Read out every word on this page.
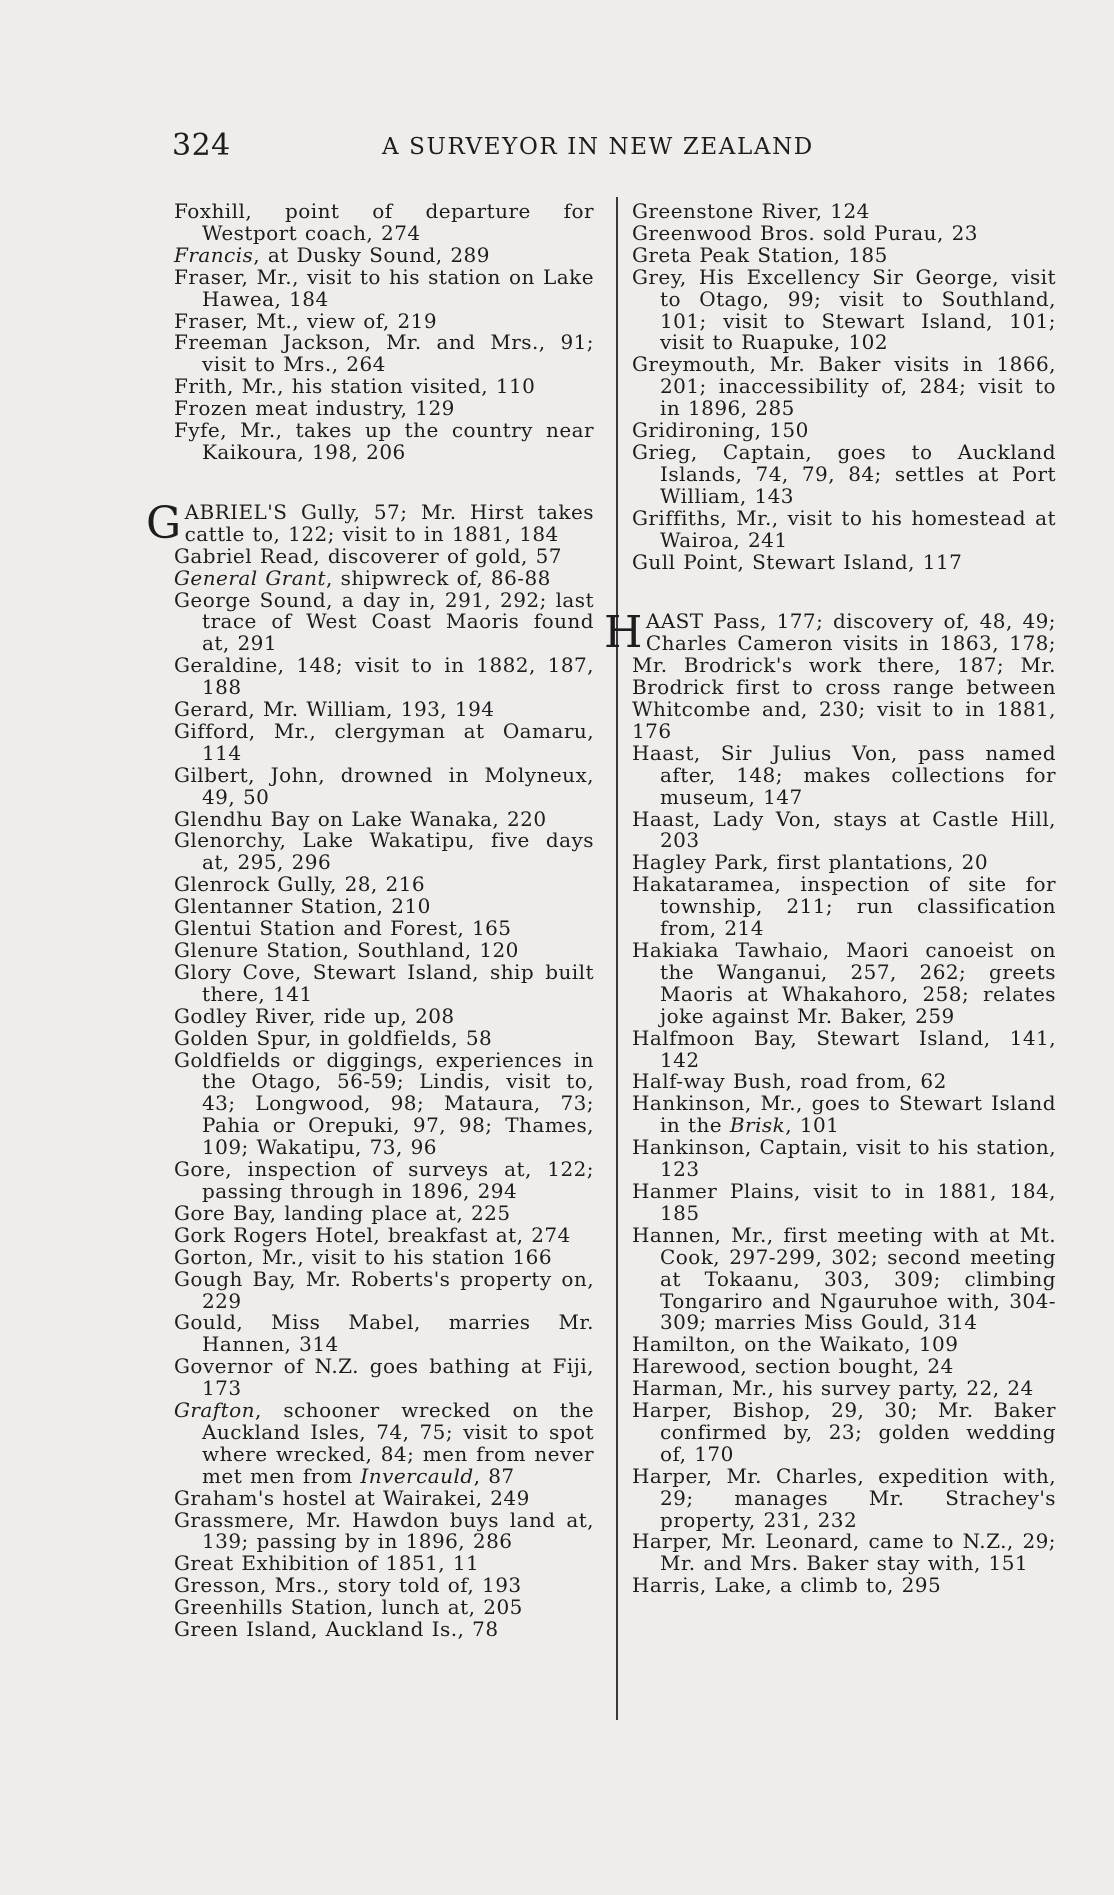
324	A SURVEYOR IN NEW ZEALAND
Foxhill, point of departure for Westport coach, 274
Francis, at Dusky Sound, 289
Fraser, Mr., visit to his station on Lake Hawea, 184
Fraser, Mt., view of, 219
Freeman Jackson, Mr. and Mrs., 91; visit to Mrs., 264
Frith, Mr., his station visited, 110
Frozen meat industry, 129
Fyfe, Mr., takes up the country near Kaikoura, 198, 206
GABRIEL'S Gully, 57; Mr. Hirst takes cattle to, 122; visit to in 1881, 184
Gabriel Read, discoverer of gold, 57
General Grant, shipwreck of, 86-88
George Sound, a day in, 291, 292; last trace of West Coast Maoris found at, 291
Geraldine, 148; visit to in 1882, 187, 188
Gerard, Mr. William, 193, 194
Gifford, Mr., clergyman at Oamaru, 114
Gilbert, John, drowned in Molyneux, 49, 50
Glendhu Bay on Lake Wanaka, 220
Glenorchy, Lake Wakatipu, five days at, 295, 296
Glenrock Gully, 28, 216
Glentanner Station, 210
Glentui Station and Forest, 165
Glenure Station, Southland, 120
Glory Cove, Stewart Island, ship built there, 141
Godley River, ride up, 208
Golden Spur, in goldfields, 58
Goldfields or diggings, experiences in the Otago, 56-59; Lindis, visit to, 43; Longwood, 98; Mataura, 73; Pahia or Orepuki, 97, 98; Thames, 109; Wakatipu, 73, 96
Gore, inspection of surveys at, 122; passing through in 1896, 294
Gore Bay, landing place at, 225
Gork Rogers Hotel, breakfast at, 274
Gorton, Mr., visit to his station 166
Gough Bay, Mr. Roberts's property on, 229
Gould, Miss Mabel, marries Mr. Hannen, 314
Governor of N.Z. goes bathing at Fiji, 173
Grafton, schooner wrecked on the Auckland Isles, 74, 75; visit to spot where wrecked, 84; men from never met men from Invercauld, 87
Graham's hostel at Wairakei, 249
Grassmere, Mr. Hawdon buys land at, 139; passing by in 1896, 286
Great Exhibition of 1851, 11
Gresson, Mrs., story told of, 193
Greenhills Station, lunch at, 205
Green Island, Auckland Is., 78
Greenstone River, 124
Greenwood Bros. sold Purau, 23
Greta Peak Station, 185
Grey, His Excellency Sir George, visit to Otago, 99; visit to Southland, 101; visit to Stewart Island, 101; visit to Ruapuke, 102
Greymouth, Mr. Baker visits in 1866, 201; inaccessibility of, 284; visit to in 1896, 285
Gridironing, 150
Grieg, Captain, goes to Auckland Islands, 74, 79, 84; settles at Port William, 143
Griffiths, Mr., visit to his homestead at Wairoa, 241
Gull Point, Stewart Island, 117
HAAST Pass, 177; discovery of, 48, 49; Charles Cameron visits in 1863, 178; Mr. Brodrick's work there, 187; Mr. Brodrick first to cross range between Whitcombe and, 230; visit to in 1881, 176
Haast, Sir Julius Von, pass named after, 148; makes collections for museum, 147
Haast, Lady Von, stays at Castle Hill, 203
Hagley Park, first plantations, 20
Hakataramea, inspection of site for township, 211; run classification from, 214
Hakiaka Tawhaio, Maori canoeist on the Wanganui, 257, 262; greets Maoris at Whakahoro, 258; relates joke against Mr. Baker, 259
Halfmoon Bay, Stewart Island, 141, 142
Half-way Bush, road from, 62
Hankinson, Mr., goes to Stewart Island in the Brisk, 101
Hankinson, Captain, visit to his station, 123
Hanmer Plains, visit to in 1881, 184, 185
Hannen, Mr., first meeting with at Mt. Cook, 297-299, 302; second meeting at Tokaanu, 303, 309; climbing Tongariro and Ngauruhoe with, 304-309; marries Miss Gould, 314
Hamilton, on the Waikato, 109
Harewood, section bought, 24
Harman, Mr., his survey party, 22, 24
Harper, Bishop, 29, 30; Mr. Baker confirmed by, 23; golden wedding of, 170
Harper, Mr. Charles, expedition with, 29; manages Mr. Strachey's property, 231, 232
Harper, Mr. Leonard, came to N.Z., 29; Mr. and Mrs. Baker stay with, 151
Harris, Lake, a climb to, 295
